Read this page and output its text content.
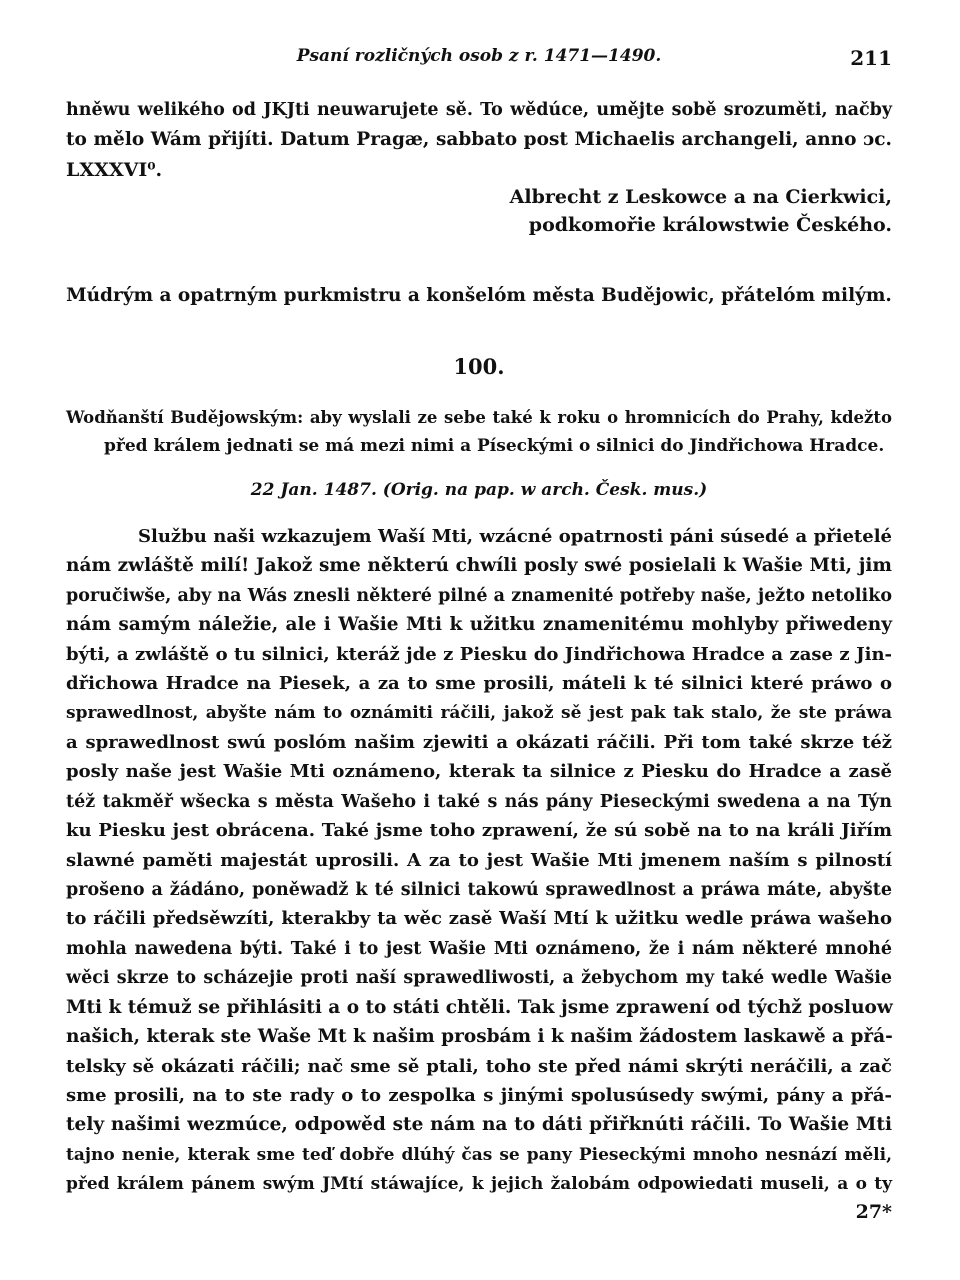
Psaní rozličných osob z r. 1471—1490.	211
hněwu welikého od JKJti neuwarujete sě. To wědúce, umějte sobě srozuměti, načby
to mělo Wám přijíti. Datum Pragæ, sabbato post Michaelis archangeli, anno ɔc.
LXXXVI⁰.
Albrecht z Leskowce a na Cierkwici,
podkomořie králowstwie Českého.
Múdrým a opatrným purkmistru a konšelóm města Budějowic, přátelóm milým.
100.
Wodňanští Budějowským: aby wyslali ze sebe také k roku o hromnicích do Prahy, kdežto
před králem jednati se má mezi nimi a Píseckými o silnici do Jindřichowa Hradce.
22 Jan. 1487. (Orig. na pap. w arch. Česk. mus.)
Službu naši wzkazujem Waší Mti, wzácné opatrnosti páni súsedé a přietelé
nám zwláště milí! Jakož sme některú chwíli posly swé posielali k Wašie Mti, jim
poručiwše, aby na Wás znesli některé pilné a znamenité potřeby naše, ježto netoliko
nám samým náležie, ale i Wašie Mti k užitku znamenitému mohlyby přiwedeny
býti, a zwláště o tu silnici, kteráž jde z Piesku do Jindřichowa Hradce a zase z Jin-
dřichowa Hradce na Piesek, a za to sme prosili, máteli k té silnici které práwo o
sprawedlnost, abyšte nám to oznámiti ráčili, jakož sě jest pak tak stalo, že ste práwa
a sprawedlnost swú poslóm našim zjewiti a okázati ráčili. Při tom také skrze též
posly naše jest Wašie Mti oznámeno, kterak ta silnice z Piesku do Hradce a zasě
též takměř wšecka s města Wašeho i také s nás pány Pieseckými swedena a na Týn
ku Piesku jest obrácena. Také jsme toho zprawení, že sú sobě na to na králi Jiřím
slawné paměti majestát uprosili. A za to jest Wašie Mti jmenem naším s pilností
prošeno a žádáno, poněwadž k té silnici takowú sprawedlnost a práwa máte, abyšte
to ráčili předsěwzíti, kterakby ta wěc zasě Waší Mtí k užitku wedle práwa wašeho
mohla nawedena býti. Také i to jest Wašie Mti oznámeno, že i nám některé mnohé
wěci skrze to scházejie proti naší sprawedliwosti, a žebychom my také wedle Wašie
Mti k témuž se přihlásiti a o to státi chtěli. Tak jsme zprawení od týchž posluow
našich, kterak ste Waše Mt k našim prosbám i k našim žádostem laskawě a přá-
telsky sě okázati ráčili; nač sme sě ptali, toho ste před námi skrýti neráčili, a zač
sme prosili, na to ste rady o to zespolka s jinými spolusúsedy swými, pány a přá-
tely našimi wezmúce, odpowěd ste nám na to dáti přiřknúti ráčili. To Wašie Mti
tajno nenie, kterak sme teď dobře dlúhý čas se pany Pieseckými mnoho nesnází měli,
před králem pánem swým JMtí stáwajíce, k jejich žalobám odpowiedati museli, a o ty
27*
